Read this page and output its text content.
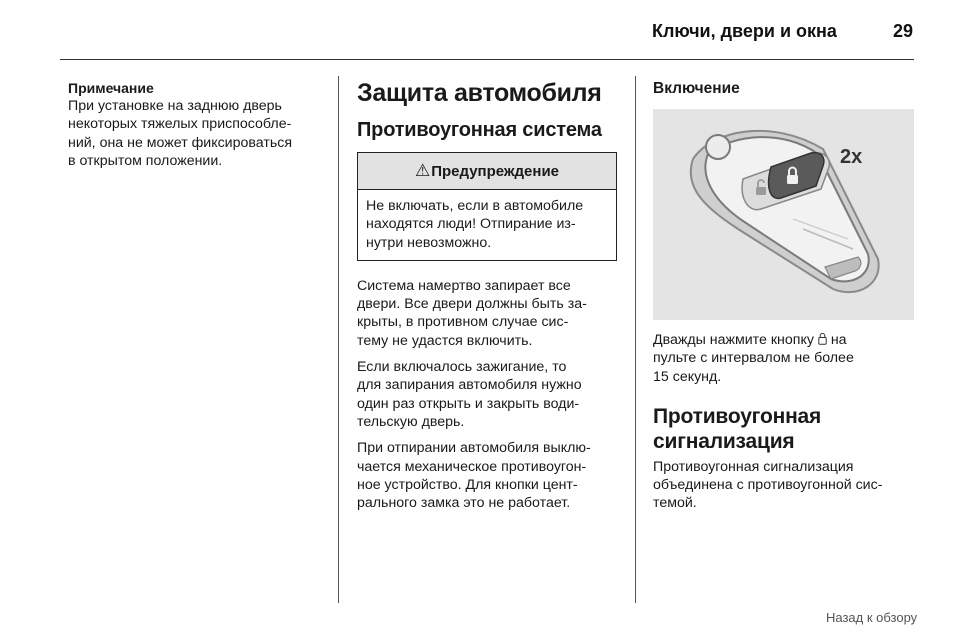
Ключи, двери и окна	29
Примечание
При установке на заднюю дверь
некоторых тяжелых приспособле-
ний, она не может фиксироваться
в открытом положении.
Защита автомобиля
Противоугонная система
⚠ Предупреждение
Не включать, если в автомобиле
находятся люди! Отпирание из-
нутри невозможно.
Система намертво запирает все
двери. Все двери должны быть за-
крыты, в противном случае сис-
тему не удастся включить.
Если включалось зажигание, то
для запирания автомобиля нужно
один раз открыть и закрыть води-
тельскую дверь.
При отпирании автомобиля выклю-
чается механическое противоугон-
ное устройство. Для кнопки цент-
рального замка это не работает.
Включение
2x
Дважды нажмите кнопку  на
пульте с интервалом не более
15 секунд.
Противоугонная
сигнализация
Противоугонная сигнализация
объединена с противоугонной сис-
темой.
Назад к обзору
